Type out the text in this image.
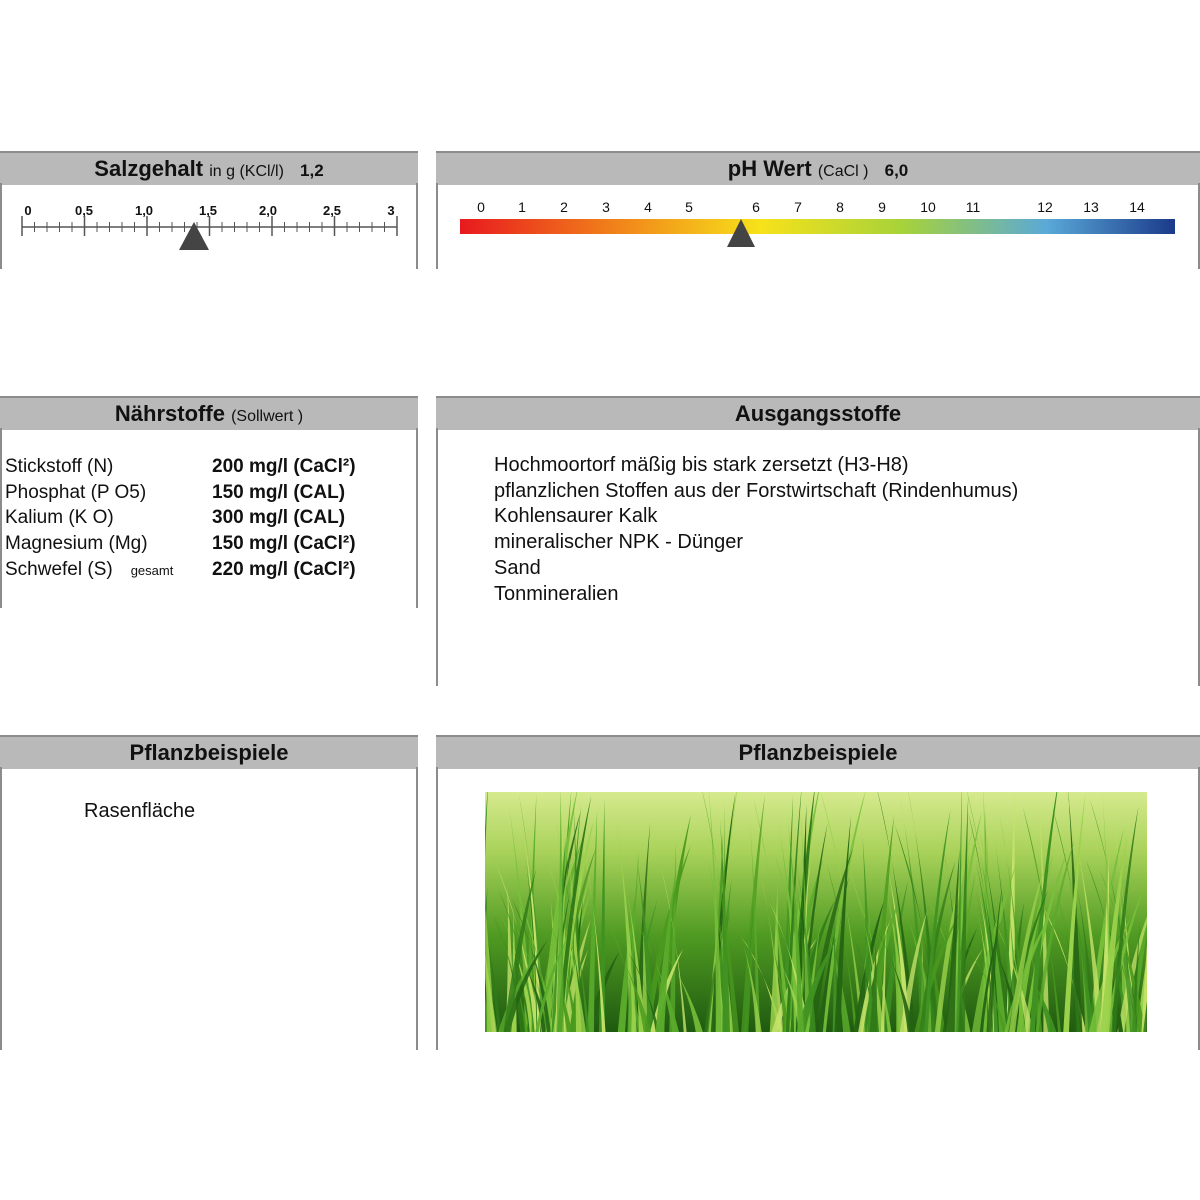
Salzgehalt in g (KCl/l) 1,2
0	0,5	1,0	1,5	2,0	2,5	3
pH Wert (CaCl ) 6,0
0 1 2 3 4 5	6 7 8 9 10 11	12 13 14
Nährstoffe (Sollwert )
Stickstoff (N)	200 mg/l (CaCl²)
Phosphat (P O5)	150 mg/l (CAL)
Kalium (K O)	300 mg/l (CAL)
Magnesium (Mg)	150 mg/l (CaCl²)
Schwefel (S) gesamt 220 mg/l (CaCl²)
Ausgangsstoffe
Hochmoortorf mäßig bis stark zersetzt (H3-H8)
pflanzlichen Stoffen aus der Forstwirtschaft (Rindenhumus)
Kohlensaurer Kalk
mineralischer NPK - Dünger
Sand
Tonmineralien
Pflanzbeispiele
Rasenfläche
Pflanzbeispiele
